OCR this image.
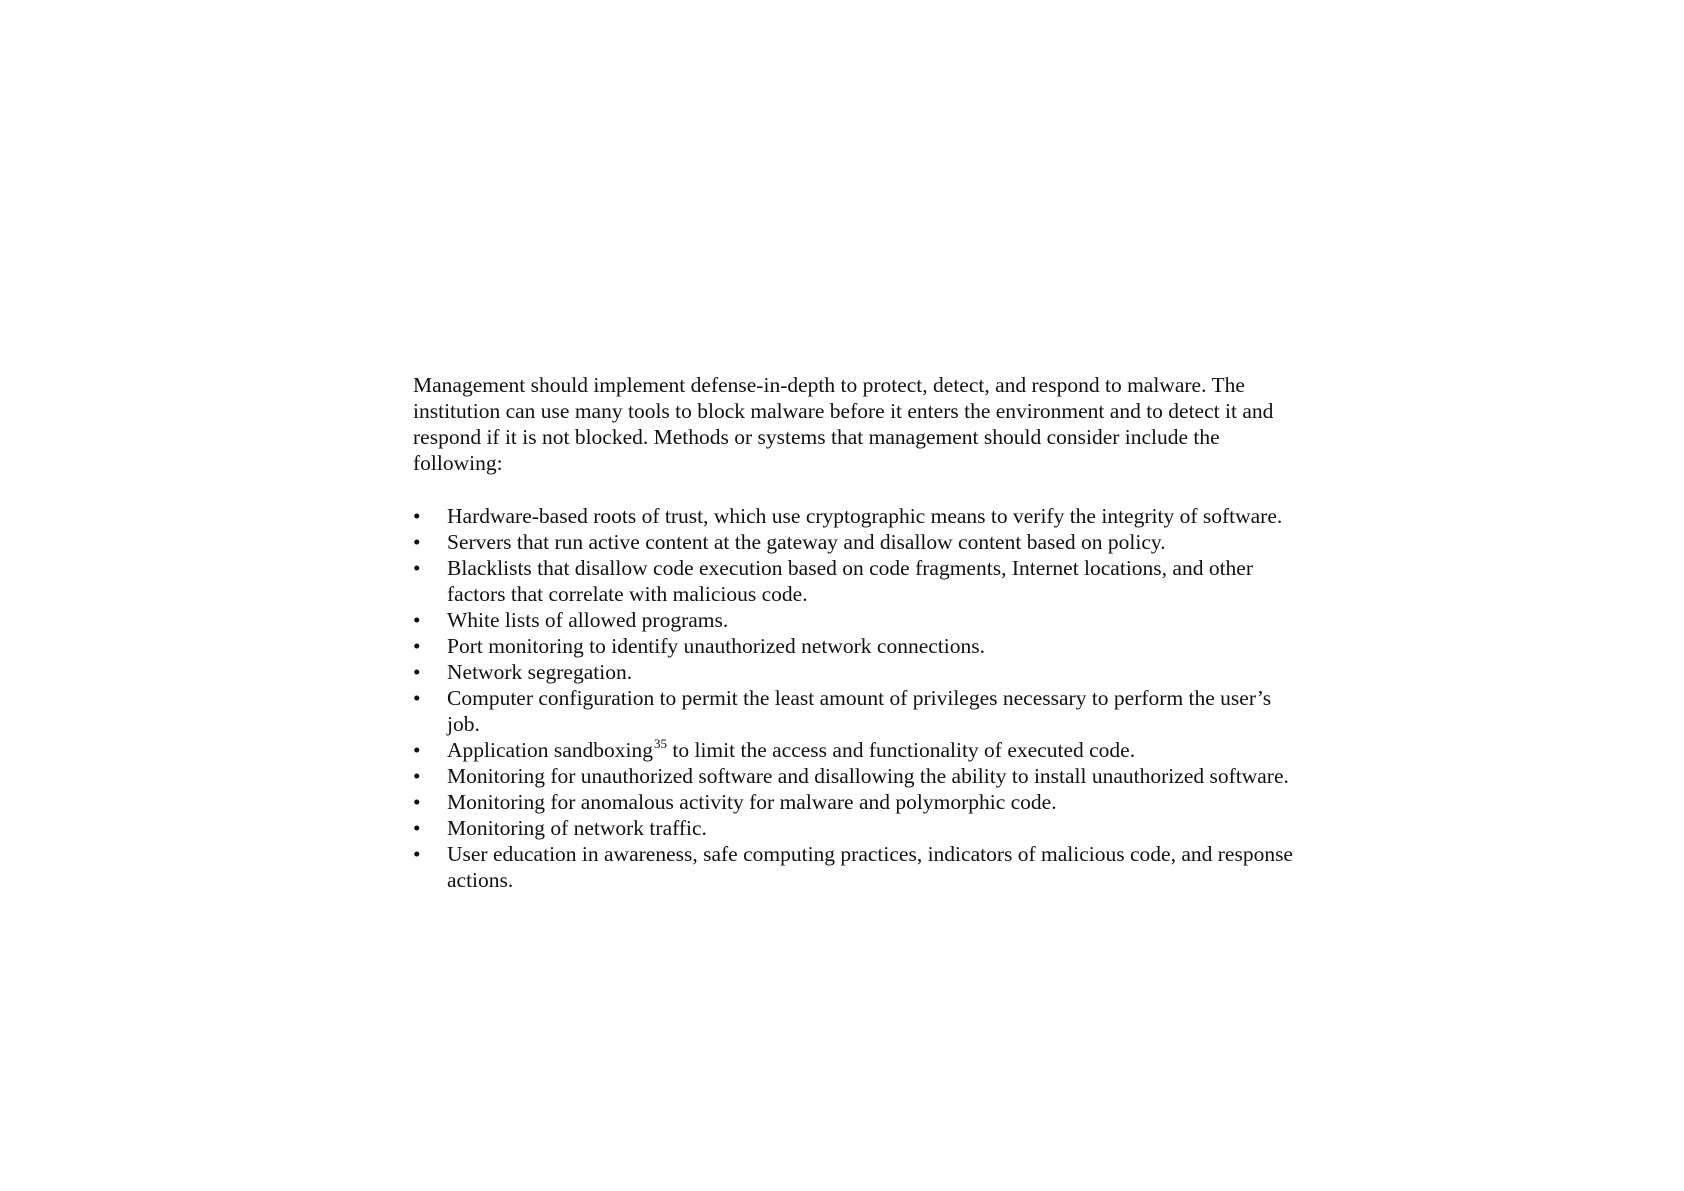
Management should implement defense-in-depth to protect, detect, and respond to malware. The institution can use many tools to block malware before it enters the environment and to detect it and respond if it is not blocked. Methods or systems that management should consider include the following:

•	Hardware-based roots of trust, which use cryptographic means to verify the integrity of software.
•	Servers that run active content at the gateway and disallow content based on policy.
•	Blacklists that disallow code execution based on code fragments, Internet locations, and other factors that correlate with malicious code.
•	White lists of allowed programs.
•	Port monitoring to identify unauthorized network connections.
•	Network segregation.
•	Computer configuration to permit the least amount of privileges necessary to perform the user’s job.
•	Application sandboxing$^{35}$ to limit the access and functionality of executed code.
•	Monitoring for unauthorized software and disallowing the ability to install unauthorized software.
•	Monitoring for anomalous activity for malware and polymorphic code.
•	Monitoring of network traffic.
•	User education in awareness, safe computing practices, indicators of malicious code, and response actions.
